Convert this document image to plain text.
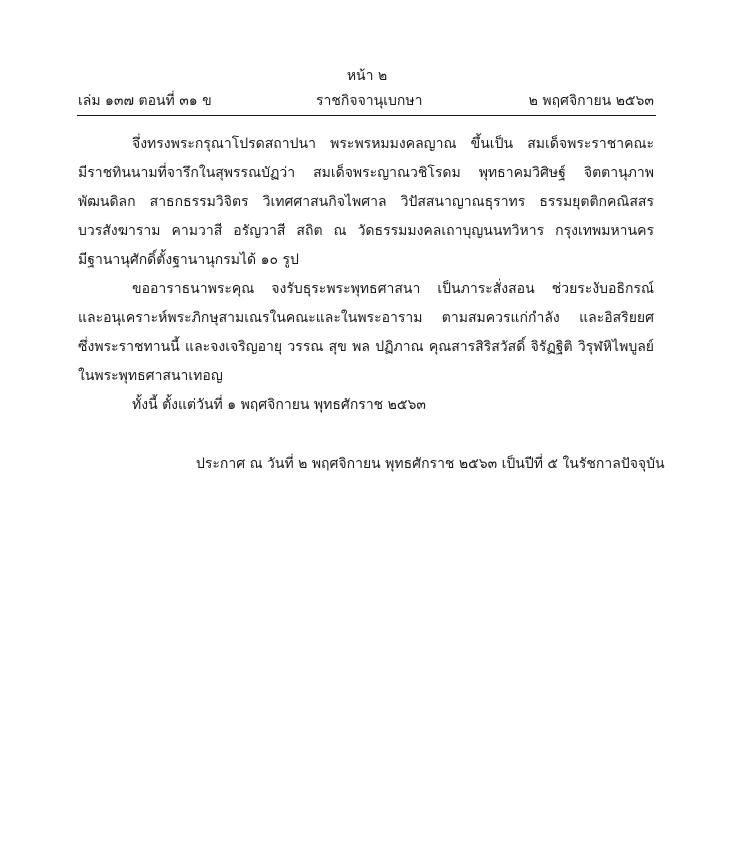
หน้า ๒
เล่ม ๑๓๗ ตอนที่ ๓๑ ข	ราชกิจจานุเบกษา	๒ พฤศจิกายน ๒๕๖๓
จึ่งทรงพระกรุณาโปรดสถาปนา พระพรหมมงคลญาณ ขึ้นเป็น สมเด็จพระราชาคณะ
มีราชทินนามที่จารึกในสุพรรณบัฏว่า สมเด็จพระญาณวชิโรดม พุทธาคมวิศิษฐ์ จิตตานุภาพ
พัฒนดิลก สาธกธรรมวิจิตร วิเทศศาสนกิจไพศาล วิปัสสนาญาณธุราทร ธรรมยุตติกคณิสสร
บวรสังฆาราม คามวาสี อรัญวาสี สถิต ณ วัดธรรมมงคลเถาบุญนนทวิหาร กรุงเทพมหานคร
มีฐานานุศักดิ์ตั้งฐานานุกรมได้ ๑๐ รูป
ขออาราธนาพระคุณ จงรับธุระพระพุทธศาสนา เป็นภาระสั่งสอน ช่วยระงับอธิกรณ์
และอนุเคราะห์พระภิกษุสามเณรในคณะและในพระอาราม ตามสมควรแก่กำลัง และอิสริยยศ
ซึ่งพระราชทานนี้ และจงเจริญอายุ วรรณ สุข พล ปฏิภาณ คุณสารสิริสวัสดิ์ จิรัฏฐิติ วิรุฬหิไพบูลย์
ในพระพุทธศาสนาเทอญ
ทั้งนี้ ตั้งแต่วันที่ ๑ พฤศจิกายน พุทธศักราช ๒๕๖๓
ประกาศ ณ วันที่ ๒ พฤศจิกายน พุทธศักราช ๒๕๖๓ เป็นปีที่ ๕ ในรัชกาลปัจจุบัน
